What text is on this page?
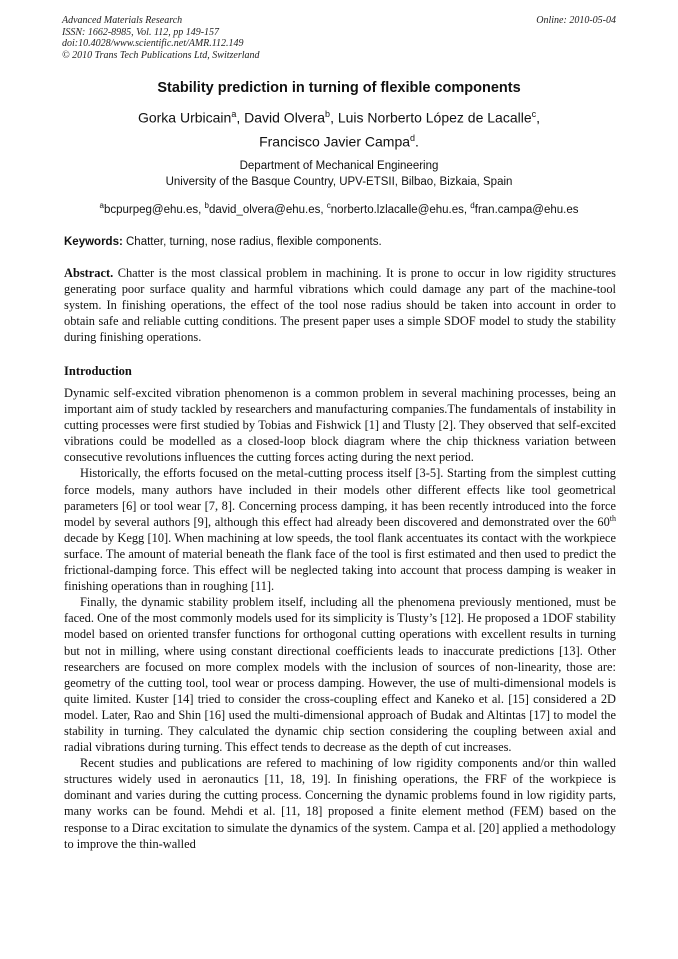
Advanced Materials Research
ISSN: 1662-8985, Vol. 112, pp 149-157
doi:10.4028/www.scientific.net/AMR.112.149
© 2010 Trans Tech Publications Ltd, Switzerland
Online: 2010-05-04
Stability prediction in turning of flexible components
Gorka Urbicain$^a$, David Olvera$^b$, Luis Norberto López de Lacalle$^c$,
Francisco Javier Campa$^d$.
Department of Mechanical Engineering
University of the Basque Country, UPV-ETSII, Bilbao, Bizkaia, Spain
$^a$bcpurpeg@ehu.es, $^b$david_olvera@ehu.es, $^c$norberto.lzlacalle@ehu.es, $^d$fran.campa@ehu.es
Keywords: Chatter, turning, nose radius, flexible components.
Abstract. Chatter is the most classical problem in machining. It is prone to occur in low rigidity structures generating poor surface quality and harmful vibrations which could damage any part of the machine-tool system. In finishing operations, the effect of the tool nose radius should be taken into account in order to obtain safe and reliable cutting conditions. The present paper uses a simple SDOF model to study the stability during finishing operations.
Introduction

Dynamic self-excited vibration phenomenon is a common problem in several machining processes, being an important aim of study tackled by researchers and manufacturing companies.The fundamentals of instability in cutting processes were first studied by Tobias and Fishwick [1] and Tlusty [2]. They observed that self-excited vibrations could be modelled as a closed-loop block diagram where the chip thickness variation between consecutive revolutions influences the cutting forces acting during the next period.

Historically, the efforts focused on the metal-cutting process itself [3-5]. Starting from the simplest cutting force models, many authors have included in their models other different effects like tool geometrical parameters [6] or tool wear [7, 8]. Concerning process damping, it has been recently introduced into the force model by several authors [9], although this effect had already been discovered and demonstrated over the 60th decade by Kegg [10]. When machining at low speeds, the tool flank accentuates its contact with the workpiece surface. The amount of material beneath the flank face of the tool is first estimated and then used to predict the frictional-damping force. This effect will be neglected taking into account that process damping is weaker in finishing operations than in roughing [11].

Finally, the dynamic stability problem itself, including all the phenomena previously mentioned, must be faced. One of the most commonly models used for its simplicity is Tlusty’s [12]. He proposed a 1DOF stability model based on oriented transfer functions for orthogonal cutting operations with excellent results in turning but not in milling, where using constant directional coefficients leads to inaccurate predictions [13]. Other researchers are focused on more complex models with the inclusion of sources of non-linearity, those are: geometry of the cutting tool, tool wear or process damping. However, the use of multi-dimensional models is quite limited. Kuster [14] tried to consider the cross-coupling effect and Kaneko et al. [15] considered a 2D model. Later, Rao and Shin [16] used the multi-dimensional approach of Budak and Altintas [17] to model the stability in turning. They calculated the dynamic chip section considering the coupling between axial and radial vibrations during turning. This effect tends to decrease as the depth of cut increases.

Recent studies and publications are refered to machining of low rigidity components and/or thin walled structures widely used in aeronautics [11, 18, 19]. In finishing operations, the FRF of the workpiece is dominant and varies during the cutting process. Concerning the dynamic problems found in low rigidity parts, many works can be found. Mehdi et al. [11, 18] proposed a finite element method (FEM) based on the response to a Dirac excitation to simulate the dynamics of the system. Campa et al. [20] applied a methodology to improve the thin-walled
